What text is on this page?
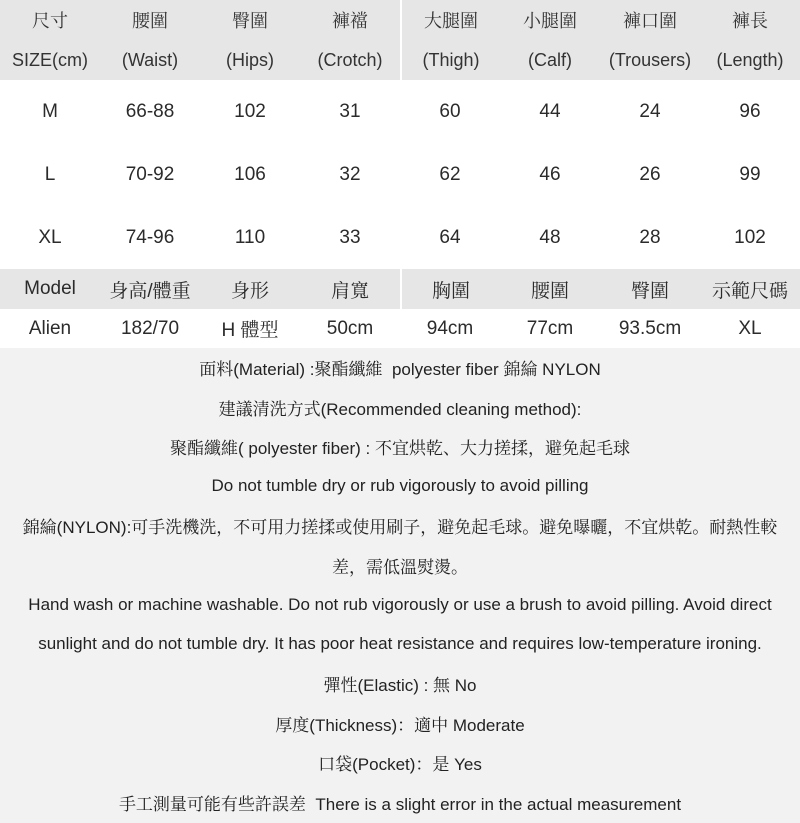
尺寸	腰圍	臀圍	褲襠	大腿圍	小腿圍	褲口圍	褲長
SIZE(cm)	(Waist)	(Hips)	(Crotch)	(Thigh)	(Calf)	(Trousers)	(Length)
M	66-88	102	31	60	44	24	96
L	70-92	106	32	62	46	26	99
XL	74-96	110	33	64	48	28	102
Model	身高/體重	身形	肩寬	胸圍	腰圍	臀圍	示範尺碼
Alien	182/70	H 體型	50cm	94cm	77cm	93.5cm	XL
面料(Material) :聚酯纖維  polyester fiber 錦綸 NYLON
建議清洗方式(Recommended cleaning method):
聚酯纖維( polyester fiber) : 不宜烘乾、大力搓揉，避免起毛球
Do not tumble dry or rub vigorously to avoid pilling
錦綸(NYLON):可手洗機洗，不可用力搓揉或使用刷子，避免起毛球。避免曝曬，不宜烘乾。耐熱性較
差，需低溫熨燙。
Hand wash or machine washable. Do not rub vigorously or use a brush to avoid pilling. Avoid direct
sunlight and do not tumble dry. It has poor heat resistance and requires low-temperature ironing.
彈性(Elastic) : 無 No
厚度(Thickness)：適中 Moderate
口袋(Pocket)：是 Yes
手工測量可能有些許誤差  There is a slight error in the actual measurement
